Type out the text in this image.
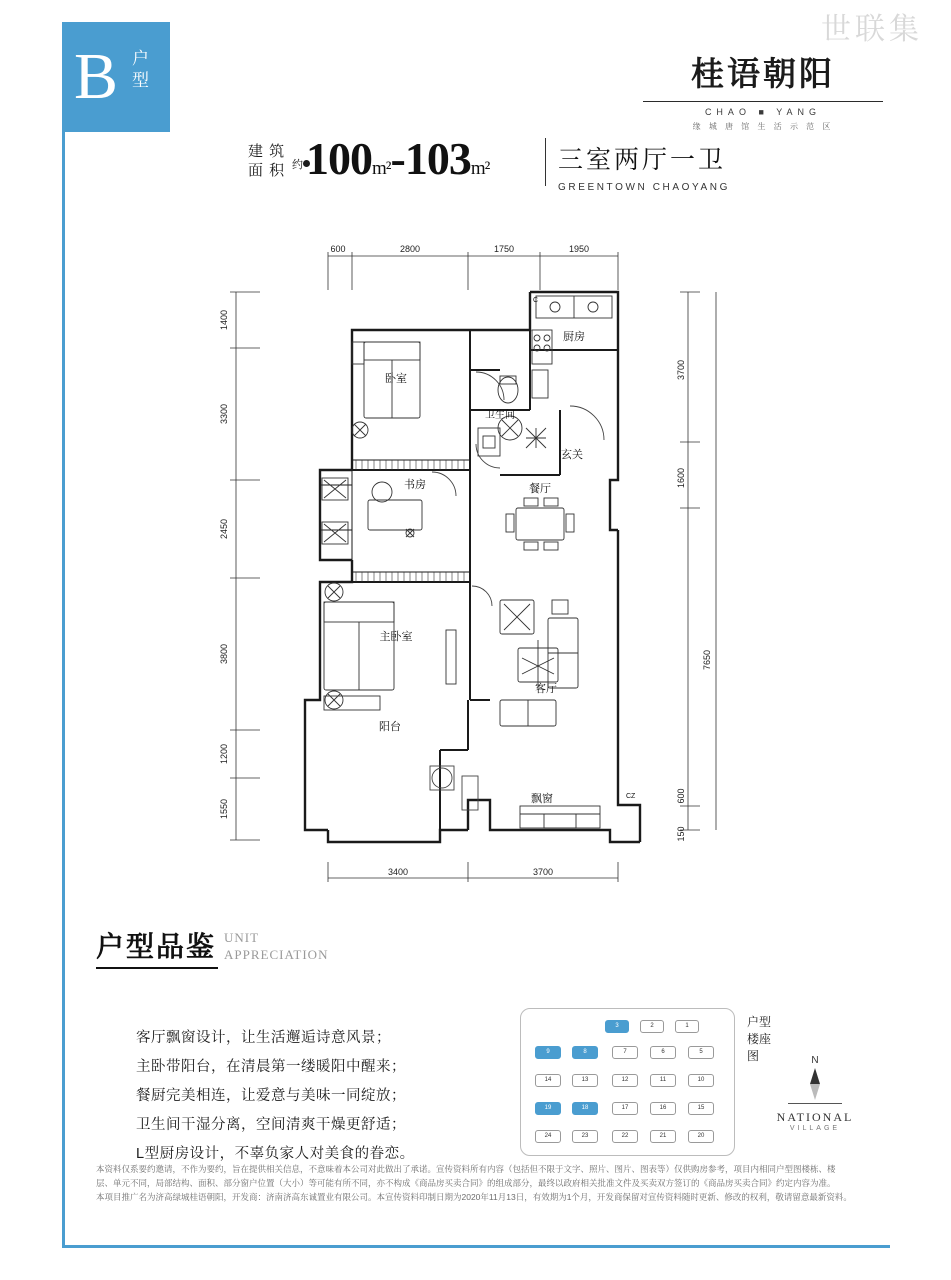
世联集
B 户型	桂语朝阳
CHAO ■ YANG
缘 城 唐 馆 生 活 示 范 区
建 筑
面 积 约 100m²-103m²	三室两厅一卫
GREENTOWN CHAOYANG
600	2800	1750	1950
1400
3300
2450
3800
1200
1550
3700
1600
7650
600
150
3400	3700
厨房
卧室
卫生间
玄关
书房	餐厅
主卧室
客厅
阳台
飘窗
C
CZ
户型品鉴 UNIT
APPRECIATION
客厅飘窗设计，让生活邂逅诗意风景；
主卧带阳台，在清晨第一缕暖阳中醒来；
餐厨完美相连，让爱意与美味一同绽放；
卫生间干湿分离，空间清爽干燥更舒适；
L型厨房设计，不辜负家人对美食的眷恋。
户型楼座图
3	2	1
9	8	7	6	5
14	13	12	11	10
19	18	17	16	15
24	23	22	21	20
N
NATIONAL
VILLAGE

本资料仅系要约邀请，不作为要约，旨在提供相关信息，不意味着本公司对此做出了承诺。宣传资料所有内容（包括但不限于文字、照片、图片、图表等）仅供购房参考，项目内相同户型图楼栋、楼

层、单元不同，局部结构、面积、部分窗户位置（大小）等可能有所不同，亦不构成《商品房买卖合同》的组成部分，最终以政府相关批准文件及买卖双方签订的《商品房买卖合同》约定内容为准。

本项目推广名为济高绿城桂语朝阳，开发商：济南济高东诚置业有限公司。本宣传资料印制日期为2020年11月13日，有效期为1个月，开发商保留对宣传资料随时更新、修改的权利，敬请留意最新资料。
